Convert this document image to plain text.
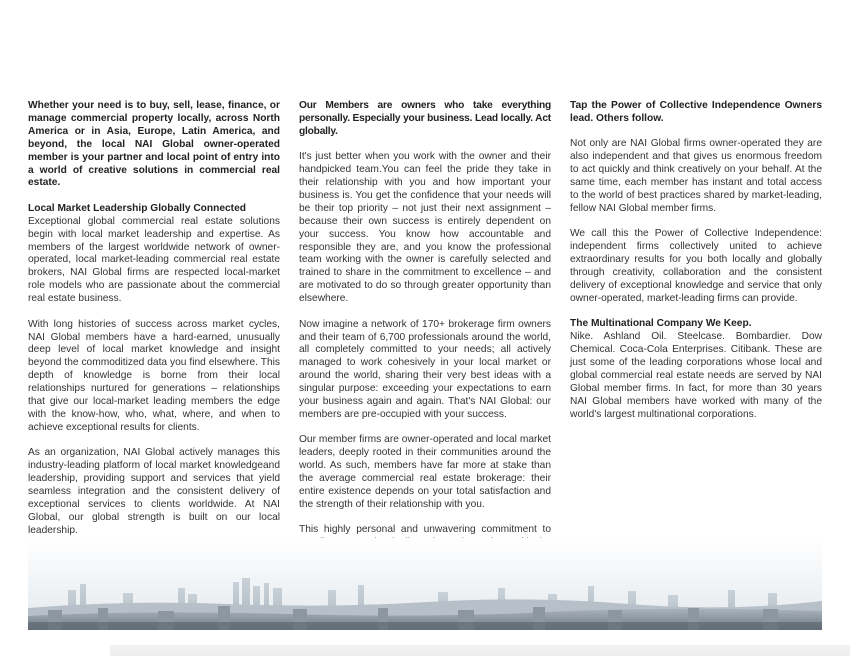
Whether your need is to buy, sell, lease, finance, or manage commercial property locally, across North America or in Asia, Europe, Latin America, and beyond, the local NAI Global owner-operated member is your partner and local point of entry into a world of creative solutions in commercial real estate.

Local Market Leadership Globally Connected
Exceptional global commercial real estate solutions begin with local market leadership and expertise. As members of the largest worldwide network of owner-operated, local market-leading commercial real estate brokers, NAI Global firms are respected local-market role models who are passionate about the commercial real estate business.

With long histories of success across market cycles, NAI Global members have a hard-earned, unusually deep level of local market knowledge and insight beyond the commoditized data you find elsewhere. This depth of knowledge is borne from their local relationships nurtured for generations – relationships that give our local-market leading members the edge with the know-how, who, what, where, and when to achieve exceptional results for clients.

As an organization, NAI Global actively manages this industry-leading platform of local market knowledgeand leadership, providing support and services that yield seamless integration and the consistent delivery of exceptional services to clients worldwide. At NAI Global, our global strength is built on our local leadership.

Our Members are owners who take everything personally. Especially your business. Lead locally. Act globally.

It's just better when you work with the owner and their handpicked team.You can feel the pride they take in their relationship with you and how important your business is. You get the confidence that your needs will be their top priority – not just their next assignment – because their own success is entirely dependent on your success. You know how accountable and responsible they are, and you know the professional team working with the owner is carefully selected and trained to share in the commitment to excellence – and are motivated to do so through greater opportunity than elsewhere.

Now imagine a network of 170+ brokerage firm owners and their team of 6,700 professionals around the world, all completely committed to your needs; all actively managed to work cohesively in your local market or around the world, sharing their very best ideas with a singular purpose: exceeding your expectations to earn your business again and again. That's NAI Global: our members are pre-occupied with your success.

Our member firms are owner-operated and local market leaders, deeply rooted in their communities around the world. As such, members have far more at stake than the average commercial real estate brokerage: their entire existence depends on your total satisfaction and the strength of their relationship with you.

This highly personal and unwavering commitment to

Tap the Power of Collective Independence Owners lead. Others follow.

Not only are NAI Global firms owner-operated they are also independent and that gives us enormous freedom to act quickly and think creatively on your behalf. At the same time, each member has instant and total access to the world of best practices shared by market-leading, fellow NAI Global member firms.

We call this the Power of Collective Independence: independent firms collectively united to achieve extraordinary results for you both locally and globally through creativity, collaboration and the consistent delivery of exceptional knowledge and service that only owner-operated, market-leading firms can provide.

The Multinational Company We Keep.
Nike. Ashland Oil. Steelcase. Bombardier. Dow Chemical. Coca-Cola Enterprises. Citibank. These are just some of the leading corporations whose local and global commercial real estate needs are served by NAI Global member firms. In fact, for more than 30 years NAI Global members have worked with many of the world's largest multinational corporations.
